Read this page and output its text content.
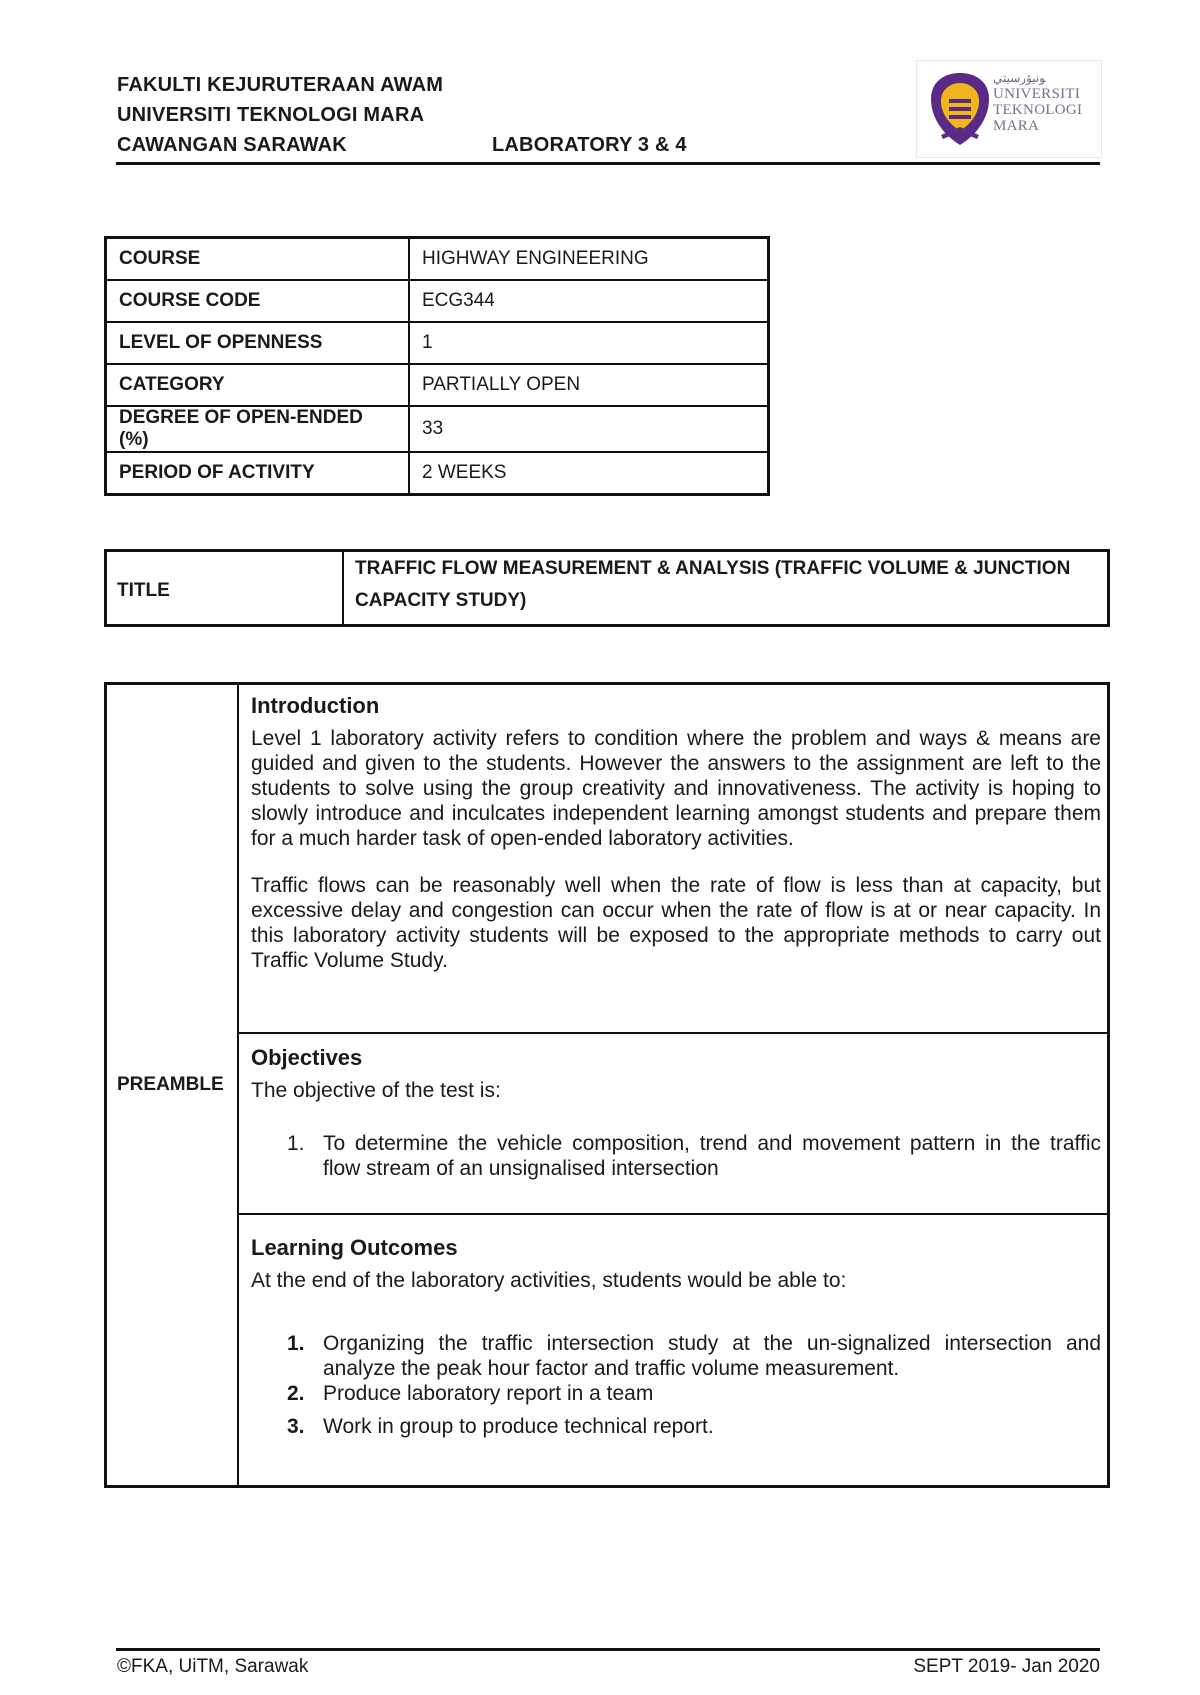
FAKULTI KEJURUTERAAN AWAM
UNIVERSITI TEKNOLOGI MARA
CAWANGAN SARAWAK	LABORATORY 3 & 4
ﻮﻧﻴﯚﺭﺳﻴﺘﻲ
UNIVERSITI
TEKNOLOGI
MARA
COURSE	HIGHWAY ENGINEERING
COURSE CODE	ECG344
LEVEL OF OPENNESS	1
CATEGORY	PARTIALLY OPEN
DEGREE OF OPEN-ENDED (%)	33
PERIOD OF ACTIVITY	2 WEEKS
TITLE
TRAFFIC FLOW MEASUREMENT & ANALYSIS (TRAFFIC VOLUME & JUNCTION CAPACITY STUDY)
PREAMBLE
Introduction

Level 1 laboratory activity refers to condition where the problem and ways & means are guided and given to the students. However the answers to the assignment are left to the students to solve using the group creativity and innovativeness. The activity is hoping to slowly introduce and inculcates independent learning amongst students and prepare them for a much harder task of open-ended laboratory activities.

Traffic flows can be reasonably well when the rate of flow is less than at capacity, but excessive delay and congestion can occur when the rate of flow is at or near capacity. In this laboratory activity students will be exposed to the appropriate methods to carry out Traffic Volume Study.

Objectives

The objective of the test is:

1. To determine the vehicle composition, trend and movement pattern in the traffic flow stream of an unsignalised intersection
Learning Outcomes

At the end of the laboratory activities, students would be able to:

1. Organizing the traffic intersection study at the un-signalized intersection and analyze the peak hour factor and traffic volume measurement.
2. Produce laboratory report in a team
3. Work in group to produce technical report.
©FKA, UiTM, Sarawak	SEPT 2019- Jan 2020
